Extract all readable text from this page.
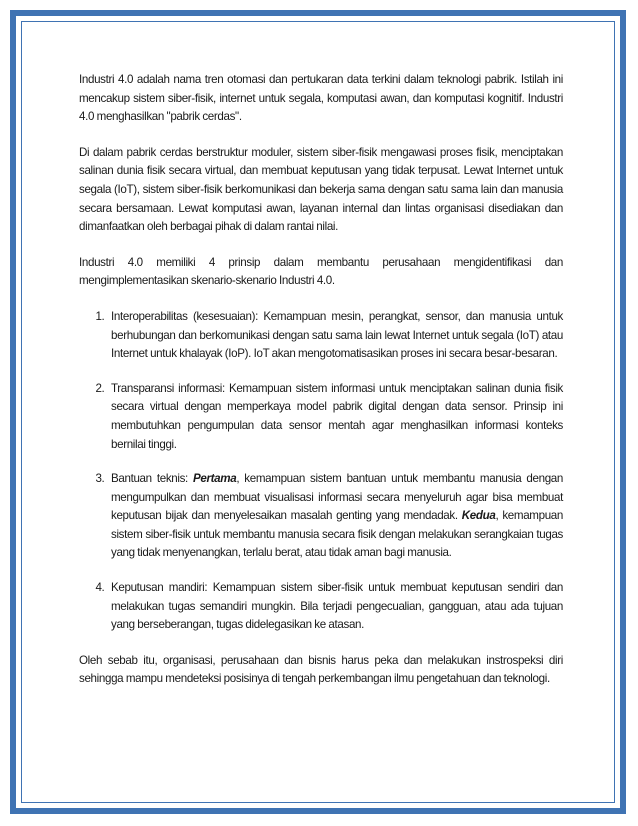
Industri 4.0 adalah nama tren otomasi dan pertukaran data terkini dalam teknologi pabrik. Istilah ini mencakup sistem siber-fisik, internet untuk segala, komputasi awan, dan komputasi kognitif. Industri 4.0 menghasilkan "pabrik cerdas".

Di dalam pabrik cerdas berstruktur moduler, sistem siber-fisik mengawasi proses fisik, menciptakan salinan dunia fisik secara virtual, dan membuat keputusan yang tidak terpusat. Lewat Internet untuk segala (IoT), sistem siber-fisik berkomunikasi dan bekerja sama dengan satu sama lain dan manusia secara bersamaan. Lewat komputasi awan, layanan internal dan lintas organisasi disediakan dan dimanfaatkan oleh berbagai pihak di dalam rantai nilai.

Industri 4.0 memiliki 4 prinsip dalam membantu perusahaan mengidentifikasi dan mengimplementasikan skenario-skenario Industri 4.0.

1. Interoperabilitas (kesesuaian): Kemampuan mesin, perangkat, sensor, dan manusia untuk berhubungan dan berkomunikasi dengan satu sama lain lewat Internet untuk segala (IoT) atau Internet untuk khalayak (IoP). IoT akan mengotomatisasikan proses ini secara besar-besaran.
2. Transparansi informasi: Kemampuan sistem informasi untuk menciptakan salinan dunia fisik secara virtual dengan memperkaya model pabrik digital dengan data sensor. Prinsip ini membutuhkan pengumpulan data sensor mentah agar menghasilkan informasi konteks bernilai tinggi.
3. Bantuan teknis: Pertama, kemampuan sistem bantuan untuk membantu manusia dengan mengumpulkan dan membuat visualisasi informasi secara menyeluruh agar bisa membuat keputusan bijak dan menyelesaikan masalah genting yang mendadak. Kedua, kemampuan sistem siber-fisik untuk membantu manusia secara fisik dengan melakukan serangkaian tugas yang tidak menyenangkan, terlalu berat, atau tidak aman bagi manusia.
4. Keputusan mandiri: Kemampuan sistem siber-fisik untuk membuat keputusan sendiri dan melakukan tugas semandiri mungkin. Bila terjadi pengecualian, gangguan, atau ada tujuan yang berseberangan, tugas didelegasikan ke atasan.

Oleh sebab itu, organisasi, perusahaan dan bisnis harus peka dan melakukan instrospeksi diri sehingga mampu mendeteksi posisinya di tengah perkembangan ilmu pengetahuan dan teknologi.
